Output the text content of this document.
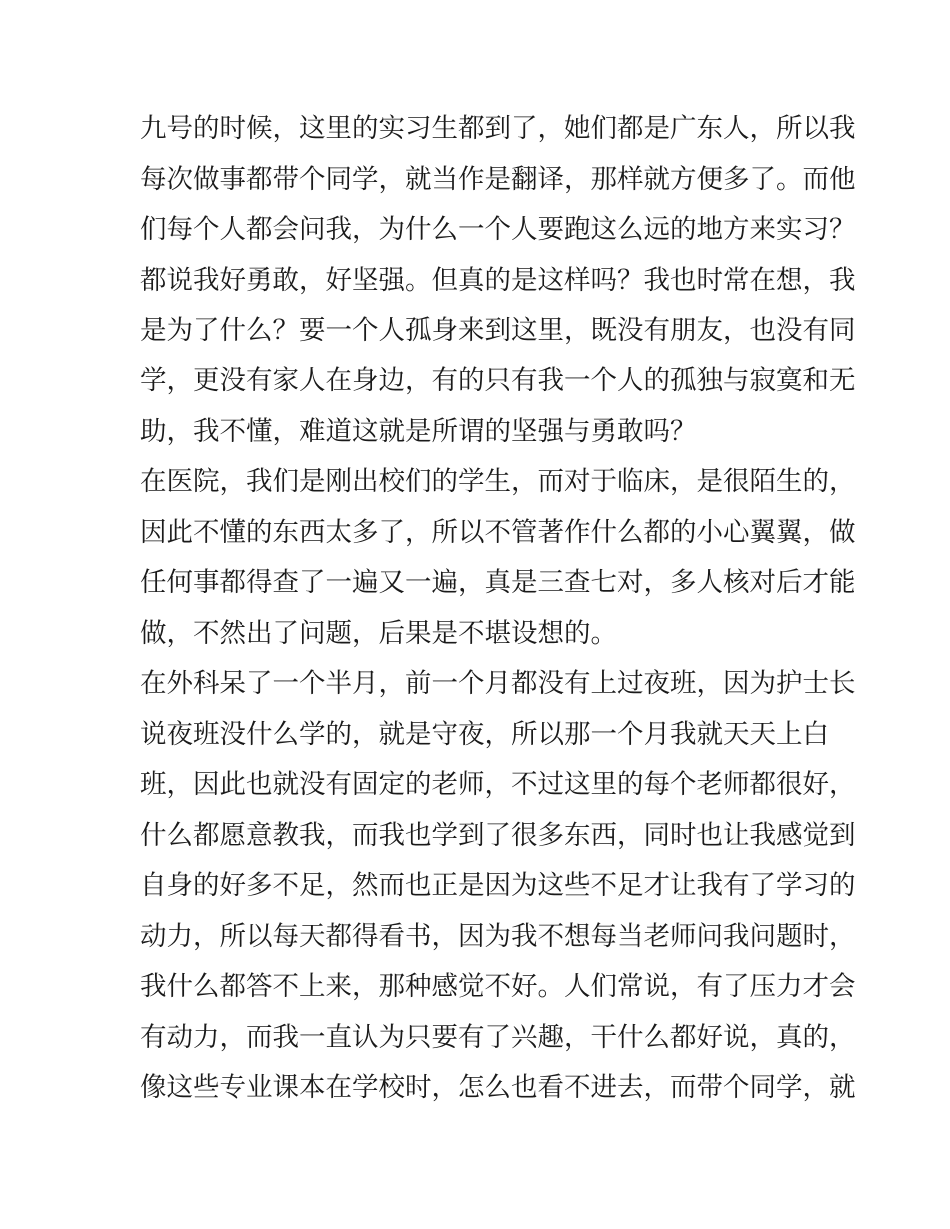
九号的时候，这里的实习生都到了，她们都是广东人，所以我
每次做事都带个同学，就当作是翻译，那样就方便多了。而他
们每个人都会问我，为什么一个人要跑这么远的地方来实习？
都说我好勇敢，好坚强。但真的是这样吗？我也时常在想，我
是为了什么？要一个人孤身来到这里，既没有朋友，也没有同
学，更没有家人在身边，有的只有我一个人的孤独与寂寞和无
助，我不懂，难道这就是所谓的坚强与勇敢吗？
在医院，我们是刚出校们的学生，而对于临床，是很陌生的，
因此不懂的东西太多了，所以不管著作什么都的小心翼翼，做
任何事都得查了一遍又一遍，真是三查七对，多人核对后才能
做，不然出了问题，后果是不堪设想的。
在外科呆了一个半月，前一个月都没有上过夜班，因为护士长
说夜班没什么学的，就是守夜，所以那一个月我就天天上白
班，因此也就没有固定的老师，不过这里的每个老师都很好，
什么都愿意教我，而我也学到了很多东西，同时也让我感觉到
自身的好多不足，然而也正是因为这些不足才让我有了学习的
动力，所以每天都得看书，因为我不想每当老师问我问题时，
我什么都答不上来，那种感觉不好。人们常说，有了压力才会
有动力，而我一直认为只要有了兴趣，干什么都好说，真的，
像这些专业课本在学校时，怎么也看不进去，而带个同学，就
